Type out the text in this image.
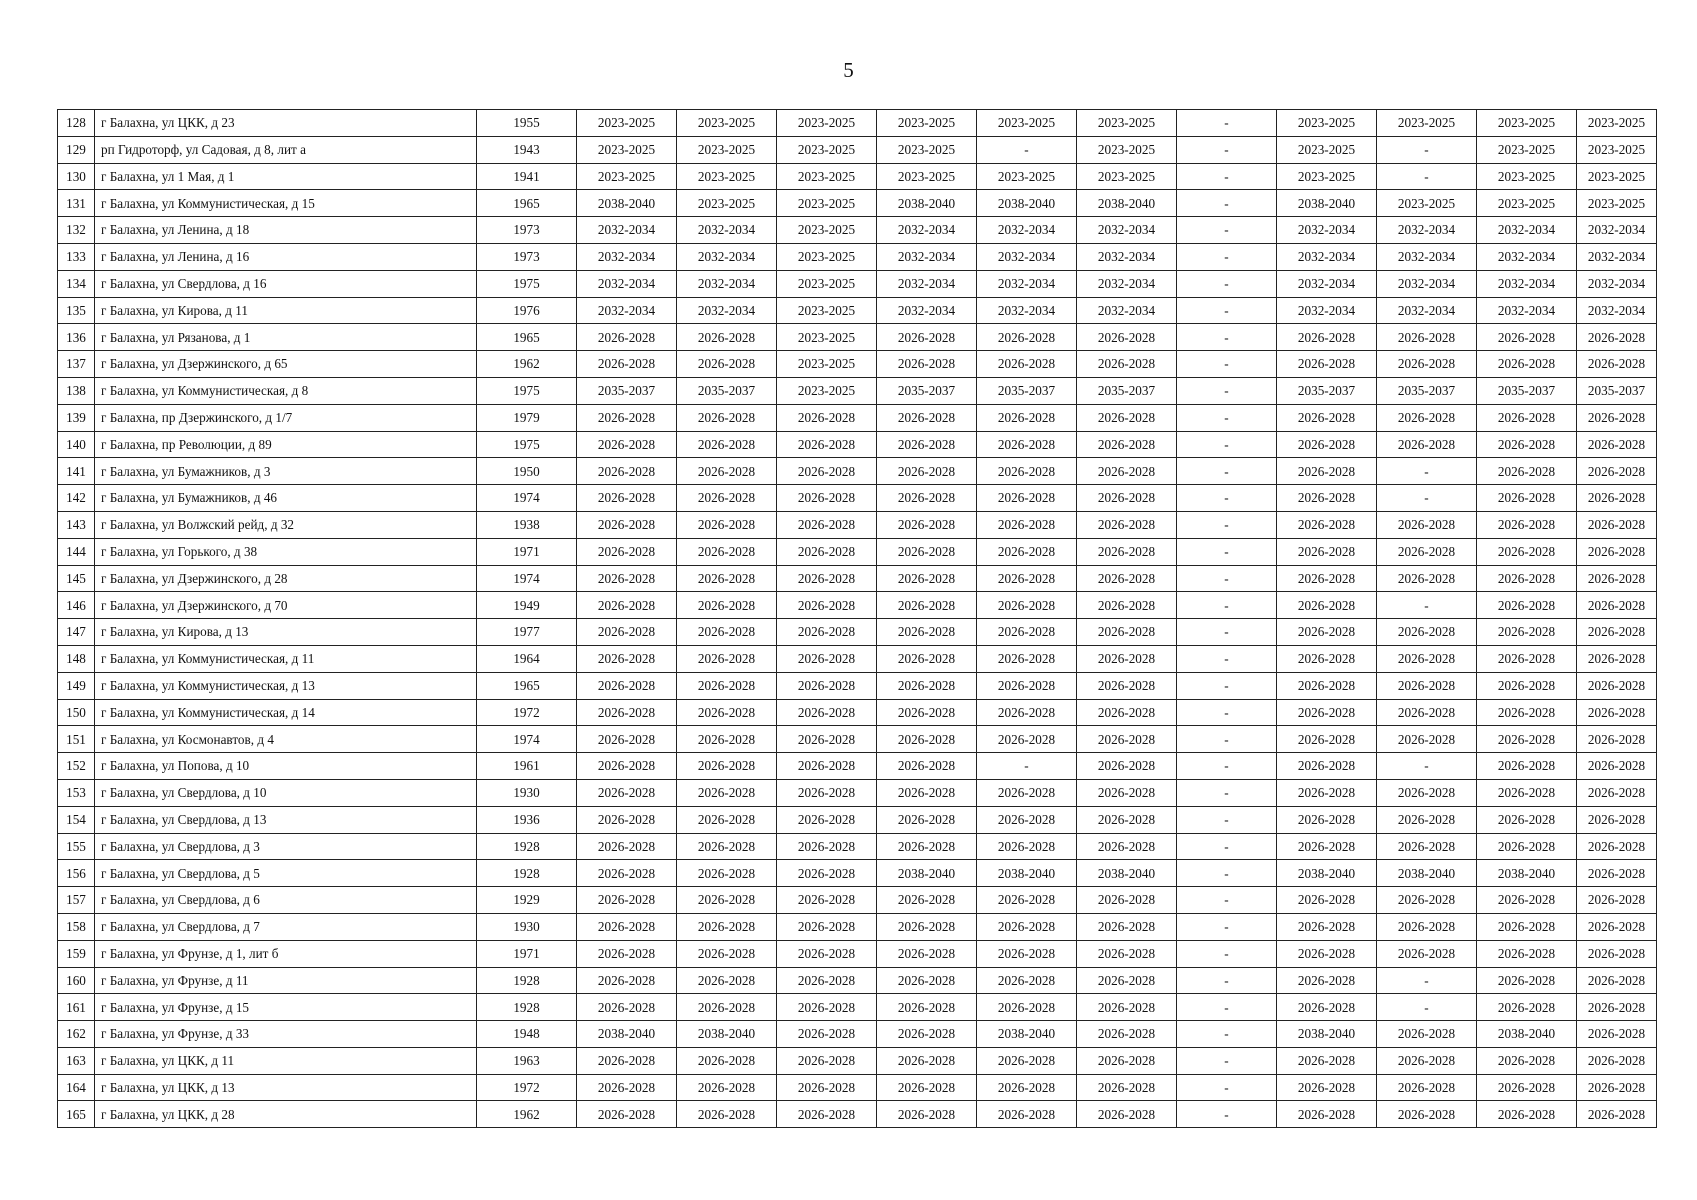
5
128	г Балахна, ул ЦКК, д 23	1955	2023-2025	2023-2025	2023-2025	2023-2025	2023-2025	2023-2025	-	2023-2025	2023-2025	2023-2025	2023-2025
129	рп Гидроторф, ул Садовая, д 8, лит а	1943	2023-2025	2023-2025	2023-2025	2023-2025	-	2023-2025	-	2023-2025	-	2023-2025	2023-2025
130	г Балахна, ул 1 Мая, д 1	1941	2023-2025	2023-2025	2023-2025	2023-2025	2023-2025	2023-2025	-	2023-2025	-	2023-2025	2023-2025
131	г Балахна, ул Коммунистическая, д 15	1965	2038-2040	2023-2025	2023-2025	2038-2040	2038-2040	2038-2040	-	2038-2040	2023-2025	2023-2025	2023-2025
132	г Балахна, ул Ленина, д 18	1973	2032-2034	2032-2034	2023-2025	2032-2034	2032-2034	2032-2034	-	2032-2034	2032-2034	2032-2034	2032-2034
133	г Балахна, ул Ленина, д 16	1973	2032-2034	2032-2034	2023-2025	2032-2034	2032-2034	2032-2034	-	2032-2034	2032-2034	2032-2034	2032-2034
134	г Балахна, ул Свердлова, д 16	1975	2032-2034	2032-2034	2023-2025	2032-2034	2032-2034	2032-2034	-	2032-2034	2032-2034	2032-2034	2032-2034
135	г Балахна, ул Кирова, д 11	1976	2032-2034	2032-2034	2023-2025	2032-2034	2032-2034	2032-2034	-	2032-2034	2032-2034	2032-2034	2032-2034
136	г Балахна, ул Рязанова, д 1	1965	2026-2028	2026-2028	2023-2025	2026-2028	2026-2028	2026-2028	-	2026-2028	2026-2028	2026-2028	2026-2028
137	г Балахна, ул Дзержинского, д 65	1962	2026-2028	2026-2028	2023-2025	2026-2028	2026-2028	2026-2028	-	2026-2028	2026-2028	2026-2028	2026-2028
138	г Балахна, ул Коммунистическая, д 8	1975	2035-2037	2035-2037	2023-2025	2035-2037	2035-2037	2035-2037	-	2035-2037	2035-2037	2035-2037	2035-2037
139	г Балахна, пр Дзержинского, д 1/7	1979	2026-2028	2026-2028	2026-2028	2026-2028	2026-2028	2026-2028	-	2026-2028	2026-2028	2026-2028	2026-2028
140	г Балахна, пр Революции, д 89	1975	2026-2028	2026-2028	2026-2028	2026-2028	2026-2028	2026-2028	-	2026-2028	2026-2028	2026-2028	2026-2028
141	г Балахна, ул Бумажников, д 3	1950	2026-2028	2026-2028	2026-2028	2026-2028	2026-2028	2026-2028	-	2026-2028	-	2026-2028	2026-2028
142	г Балахна, ул Бумажников, д 46	1974	2026-2028	2026-2028	2026-2028	2026-2028	2026-2028	2026-2028	-	2026-2028	-	2026-2028	2026-2028
143	г Балахна, ул Волжский рейд, д 32	1938	2026-2028	2026-2028	2026-2028	2026-2028	2026-2028	2026-2028	-	2026-2028	2026-2028	2026-2028	2026-2028
144	г Балахна, ул Горького, д 38	1971	2026-2028	2026-2028	2026-2028	2026-2028	2026-2028	2026-2028	-	2026-2028	2026-2028	2026-2028	2026-2028
145	г Балахна, ул Дзержинского, д 28	1974	2026-2028	2026-2028	2026-2028	2026-2028	2026-2028	2026-2028	-	2026-2028	2026-2028	2026-2028	2026-2028
146	г Балахна, ул Дзержинского, д 70	1949	2026-2028	2026-2028	2026-2028	2026-2028	2026-2028	2026-2028	-	2026-2028	-	2026-2028	2026-2028
147	г Балахна, ул Кирова, д 13	1977	2026-2028	2026-2028	2026-2028	2026-2028	2026-2028	2026-2028	-	2026-2028	2026-2028	2026-2028	2026-2028
148	г Балахна, ул Коммунистическая, д 11	1964	2026-2028	2026-2028	2026-2028	2026-2028	2026-2028	2026-2028	-	2026-2028	2026-2028	2026-2028	2026-2028
149	г Балахна, ул Коммунистическая, д 13	1965	2026-2028	2026-2028	2026-2028	2026-2028	2026-2028	2026-2028	-	2026-2028	2026-2028	2026-2028	2026-2028
150	г Балахна, ул Коммунистическая, д 14	1972	2026-2028	2026-2028	2026-2028	2026-2028	2026-2028	2026-2028	-	2026-2028	2026-2028	2026-2028	2026-2028
151	г Балахна, ул Космонавтов, д 4	1974	2026-2028	2026-2028	2026-2028	2026-2028	2026-2028	2026-2028	-	2026-2028	2026-2028	2026-2028	2026-2028
152	г Балахна, ул Попова, д 10	1961	2026-2028	2026-2028	2026-2028	2026-2028	-	2026-2028	-	2026-2028	-	2026-2028	2026-2028
153	г Балахна, ул Свердлова, д 10	1930	2026-2028	2026-2028	2026-2028	2026-2028	2026-2028	2026-2028	-	2026-2028	2026-2028	2026-2028	2026-2028
154	г Балахна, ул Свердлова, д 13	1936	2026-2028	2026-2028	2026-2028	2026-2028	2026-2028	2026-2028	-	2026-2028	2026-2028	2026-2028	2026-2028
155	г Балахна, ул Свердлова, д 3	1928	2026-2028	2026-2028	2026-2028	2026-2028	2026-2028	2026-2028	-	2026-2028	2026-2028	2026-2028	2026-2028
156	г Балахна, ул Свердлова, д 5	1928	2026-2028	2026-2028	2026-2028	2038-2040	2038-2040	2038-2040	-	2038-2040	2038-2040	2038-2040	2026-2028
157	г Балахна, ул Свердлова, д 6	1929	2026-2028	2026-2028	2026-2028	2026-2028	2026-2028	2026-2028	-	2026-2028	2026-2028	2026-2028	2026-2028
158	г Балахна, ул Свердлова, д 7	1930	2026-2028	2026-2028	2026-2028	2026-2028	2026-2028	2026-2028	-	2026-2028	2026-2028	2026-2028	2026-2028
159	г Балахна, ул Фрунзе, д 1, лит б	1971	2026-2028	2026-2028	2026-2028	2026-2028	2026-2028	2026-2028	-	2026-2028	2026-2028	2026-2028	2026-2028
160	г Балахна, ул Фрунзе, д 11	1928	2026-2028	2026-2028	2026-2028	2026-2028	2026-2028	2026-2028	-	2026-2028	-	2026-2028	2026-2028
161	г Балахна, ул Фрунзе, д 15	1928	2026-2028	2026-2028	2026-2028	2026-2028	2026-2028	2026-2028	-	2026-2028	-	2026-2028	2026-2028
162	г Балахна, ул Фрунзе, д 33	1948	2038-2040	2038-2040	2026-2028	2026-2028	2038-2040	2026-2028	-	2038-2040	2026-2028	2038-2040	2026-2028
163	г Балахна, ул ЦКК, д 11	1963	2026-2028	2026-2028	2026-2028	2026-2028	2026-2028	2026-2028	-	2026-2028	2026-2028	2026-2028	2026-2028
164	г Балахна, ул ЦКК, д 13	1972	2026-2028	2026-2028	2026-2028	2026-2028	2026-2028	2026-2028	-	2026-2028	2026-2028	2026-2028	2026-2028
165	г Балахна, ул ЦКК, д 28	1962	2026-2028	2026-2028	2026-2028	2026-2028	2026-2028	2026-2028	-	2026-2028	2026-2028	2026-2028	2026-2028
